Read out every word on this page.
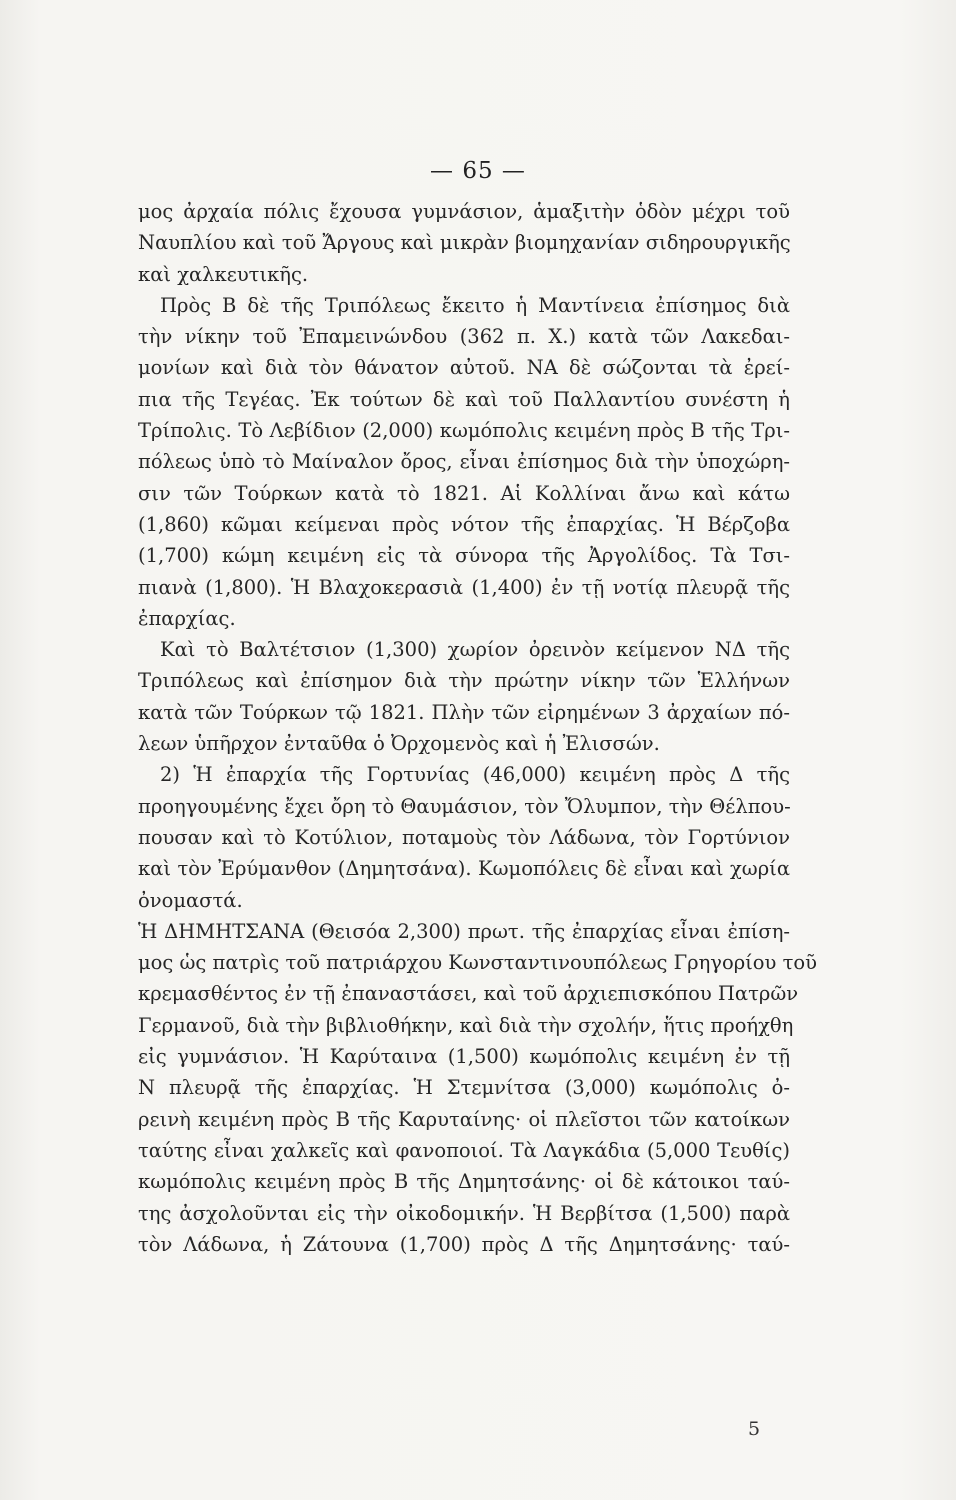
— 65 —
μος ἀρχαία πόλις ἔχουσα γυμνάσιον, ἁμαξιτὴν ὁδὸν μέχρι τοῦ
Ναυπλίου καὶ τοῦ Ἄργους καὶ μικρὰν βιομηχανίαν σιδηρουργικῆς
καὶ χαλκευτικῆς.
Πρὸς Β δὲ τῆς Τριπόλεως ἔκειτο ἡ Μαντίνεια ἐπίσημος διὰ
τὴν νίκην τοῦ Ἐπαμεινώνδου (362 π. Χ.) κατὰ τῶν Λακεδαι-
μονίων καὶ διὰ τὸν θάνατον αὐτοῦ. ΝΑ δὲ σώζονται τὰ ἐρεί-
πια τῆς Τεγέας. Ἐκ τούτων δὲ καὶ τοῦ Παλλαντίου συνέστη ἡ
Τρίπολις. Τὸ Λεβίδιον (2,000) κωμόπολις κειμένη πρὸς Β τῆς Τρι-
πόλεως ὑπὸ τὸ Μαίναλον ὄρος, εἶναι ἐπίσημος διὰ τὴν ὑποχώρη-
σιν τῶν Τούρκων κατὰ τὸ 1821. Αἱ Κολλίναι ἄνω καὶ κάτω
(1,860) κῶμαι κείμεναι πρὸς νότον τῆς ἐπαρχίας. Ἡ Βέρζοβα
(1,700) κώμη κειμένη εἰς τὰ σύνορα τῆς Ἀργολίδος. Τὰ Τσι-
πιανὰ (1,800). Ἡ Βλαχοκερασιὰ (1,400) ἐν τῇ νοτίᾳ πλευρᾷ τῆς
ἐπαρχίας.
Καὶ τὸ Βαλτέτσιον (1,300) χωρίον ὀρεινὸν κείμενον ΝΔ τῆς
Τριπόλεως καὶ ἐπίσημον διὰ τὴν πρώτην νίκην τῶν Ἑλλήνων
κατὰ τῶν Τούρκων τῷ 1821. Πλὴν τῶν εἰρημένων 3 ἀρχαίων πό-
λεων ὑπῆρχον ἐνταῦθα ὁ Ὀρχομενὸς καὶ ἡ Ἐλισσών.
2) Ἡ ἐπαρχία τῆς Γορτυνίας (46,000) κειμένη πρὸς Δ τῆς
προηγουμένης ἔχει ὄρη τὸ Θαυμάσιον, τὸν Ὄλυμπον, τὴν Θέλπου-
πουσαν καὶ τὸ Κοτύλιον, ποταμοὺς τὸν Λάδωνα, τὸν Γορτύνιον
καὶ τὸν Ἐρύμανθον (Δημητσάνα). Κωμοπόλεις δὲ εἶναι καὶ χωρία
ὀνομαστά.
Ἡ ΔΗΜΗΤΣΑΝΑ (Θεισόα 2,300) πρωτ. τῆς ἐπαρχίας εἶναι ἐπίση-
μος ὡς πατρὶς τοῦ πατριάρχου Κωνσταντινουπόλεως Γρηγορίου τοῦ
κρεμασθέντος ἐν τῇ ἐπαναστάσει, καὶ τοῦ ἀρχιεπισκόπου Πατρῶν
Γερμανοῦ, διὰ τὴν βιβλιοθήκην, καὶ διὰ τὴν σχολήν, ἥτις προήχθη
εἰς γυμνάσιον. Ἡ Καρύταινα (1,500) κωμόπολις κειμένη ἐν τῇ
Ν πλευρᾷ τῆς ἐπαρχίας. Ἡ Στεμνίτσα (3,000) κωμόπολις ὀ-
ρεινὴ κειμένη πρὸς Β τῆς Καρυταίνης· οἱ πλεῖστοι τῶν κατοίκων
ταύτης εἶναι χαλκεῖς καὶ φανοποιοί. Τὰ Λαγκάδια (5,000 Τευθίς)
κωμόπολις κειμένη πρὸς Β τῆς Δημητσάνης· οἱ δὲ κάτοικοι ταύ-
της ἀσχολοῦνται εἰς τὴν οἰκοδομικήν. Ἡ Βερβίτσα (1,500) παρὰ
τὸν Λάδωνα, ἡ Ζάτουνα (1,700) πρὸς Δ τῆς Δημητσάνης· ταύ-
5
